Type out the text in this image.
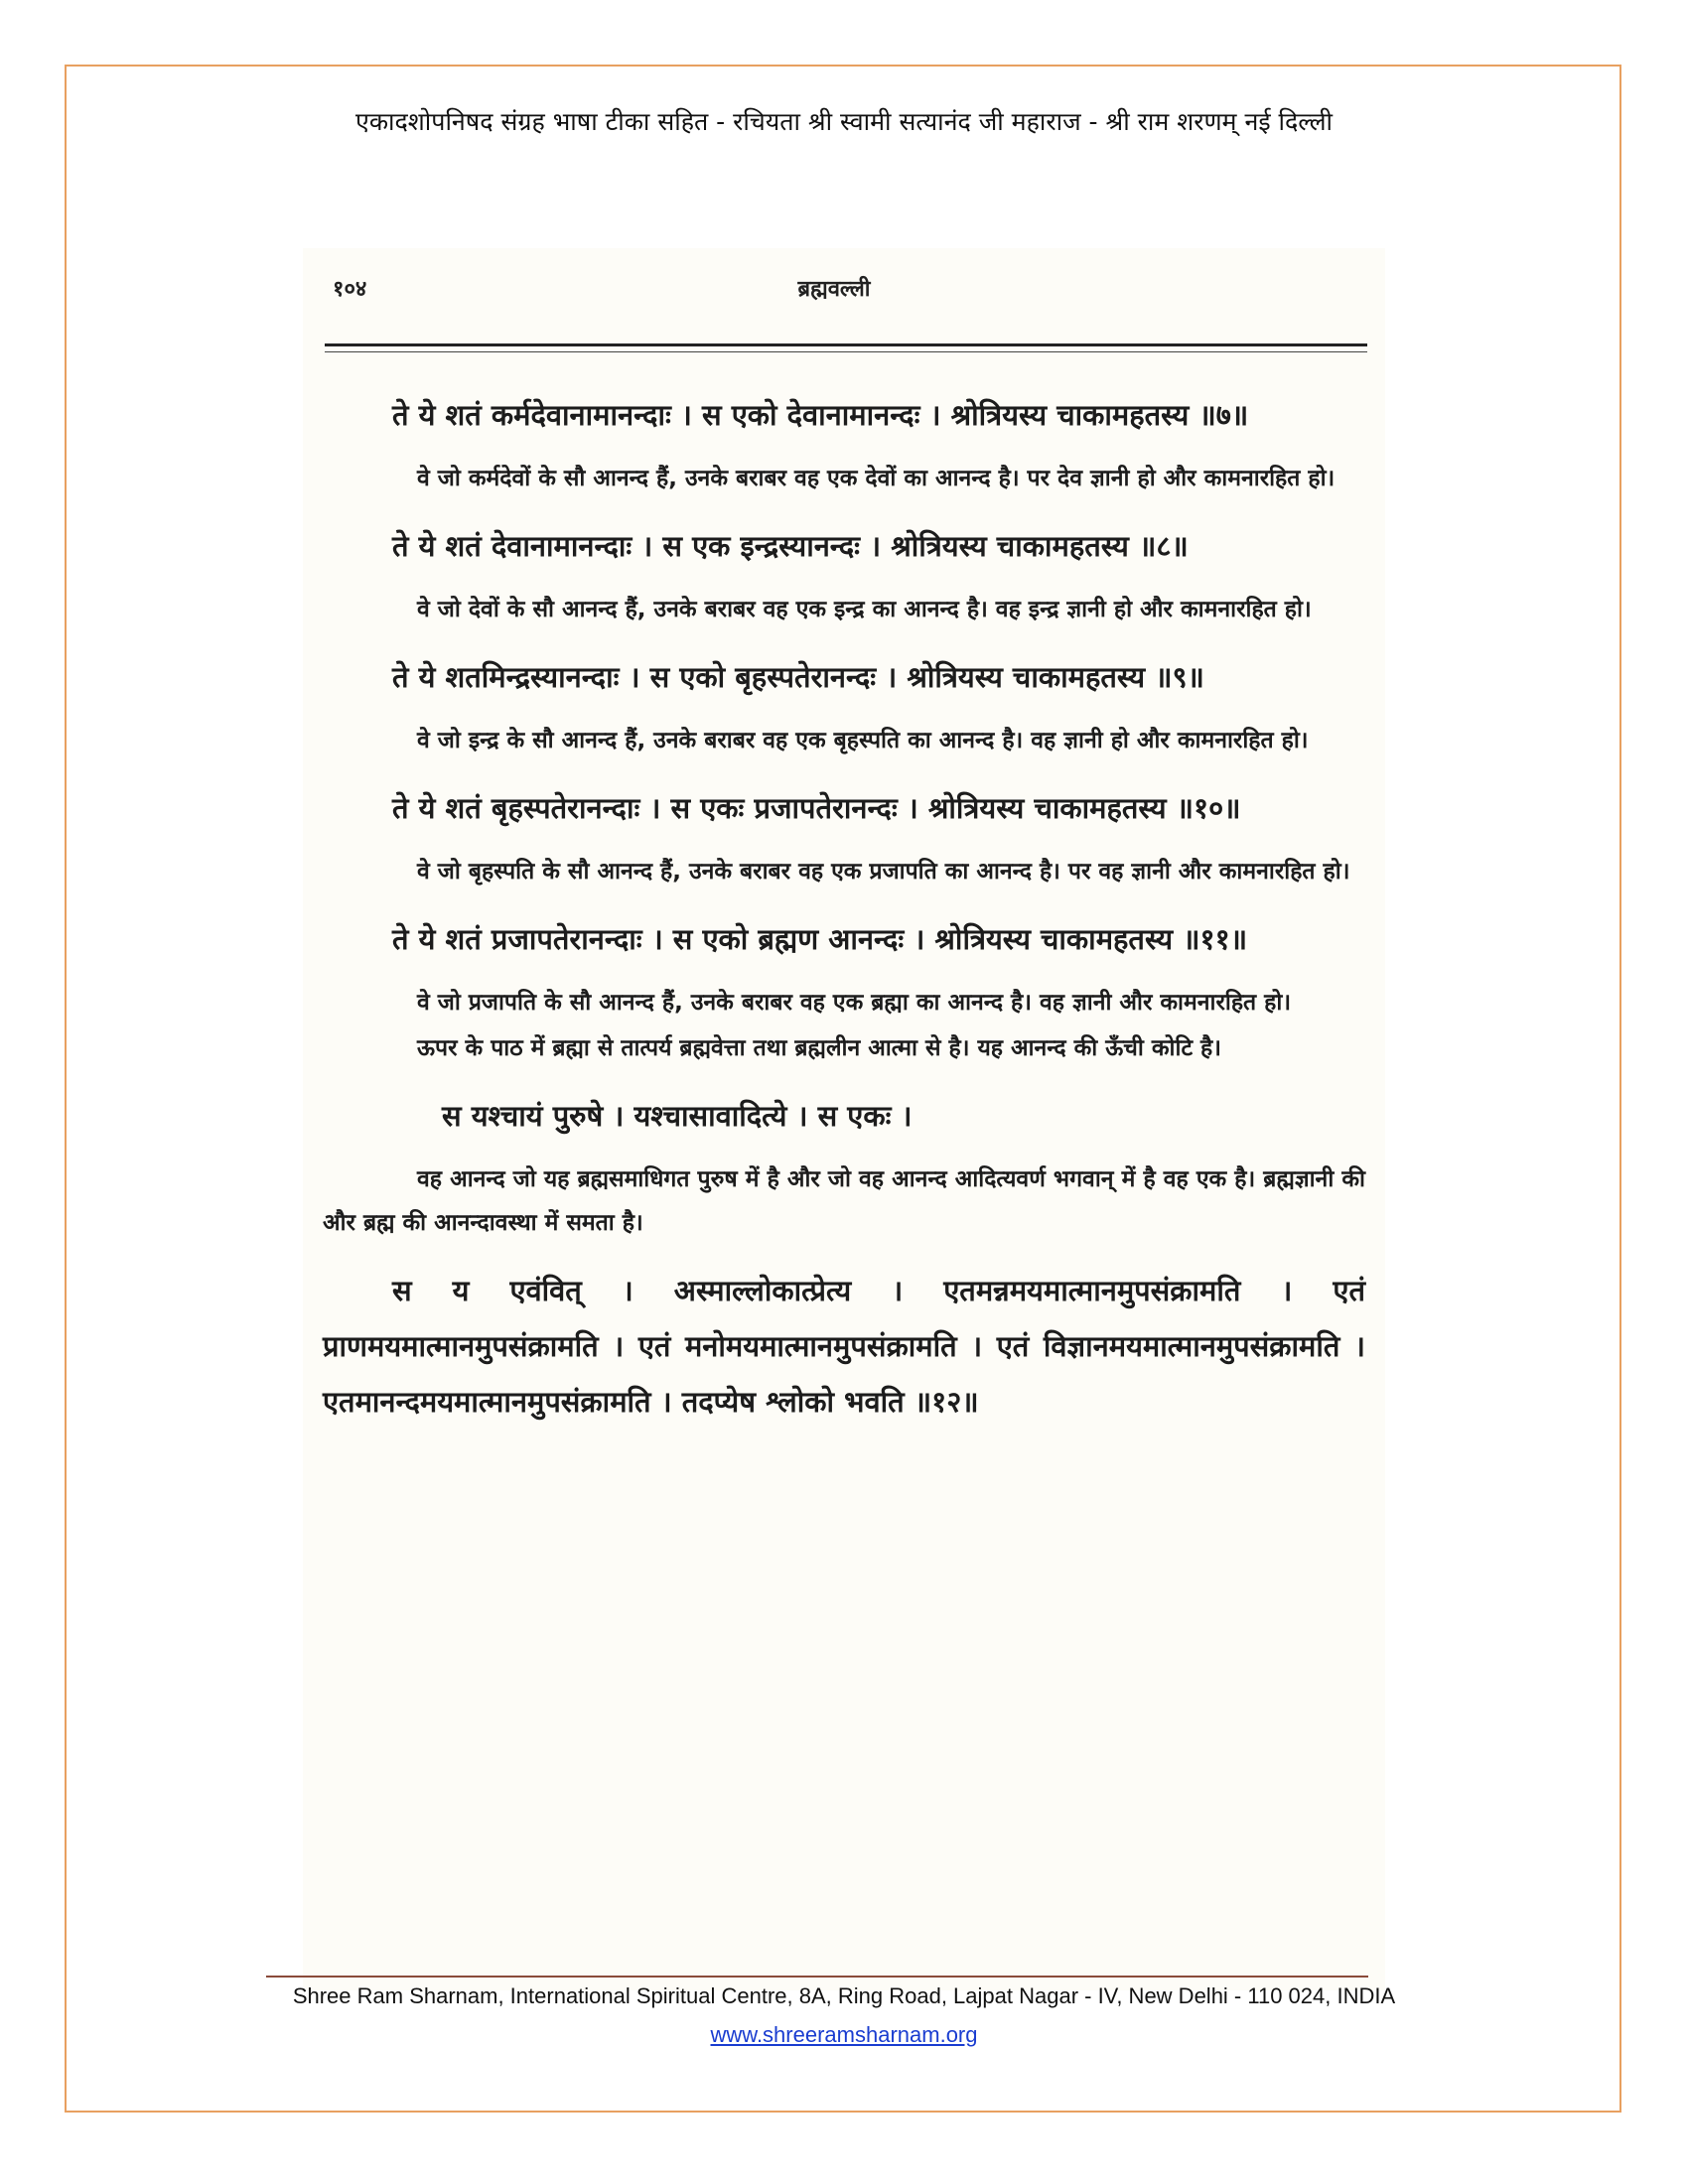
एकादशोपनिषद संग्रह भाषा टीका सहित - रचियता श्री स्वामी सत्यानंद जी महाराज - श्री राम शरणम् नई दिल्ली
१०४	ब्रह्मवल्ली

ते ये शतं कर्मदेवानामानन्दाः । स एको देवानामानन्दः । श्रोत्रियस्य चाकामहतस्य ॥७॥

वे जो कर्मदेवों के सौ आनन्द हैं, उनके बराबर वह एक देवों का आनन्द है। पर देव ज्ञानी हो और कामनारहित हो।

ते ये शतं देवानामानन्दाः । स एक इन्द्रस्यानन्दः । श्रोत्रियस्य चाकामहतस्य ॥८॥

वे जो देवों के सौ आनन्द हैं, उनके बराबर वह एक इन्द्र का आनन्द है। वह इन्द्र ज्ञानी हो और कामनारहित हो।

ते ये शतमिन्द्रस्यानन्दाः । स एको बृहस्पतेरानन्दः । श्रोत्रियस्य चाकामहतस्य ॥९॥

वे जो इन्द्र के सौ आनन्द हैं, उनके बराबर वह एक बृहस्पति का आनन्द है। वह ज्ञानी हो और कामनारहित हो।

ते ये शतं बृहस्पतेरानन्दाः । स एकः प्रजापतेरानन्दः । श्रोत्रियस्य चाकामहतस्य ॥१०॥

वे जो बृहस्पति के सौ आनन्द हैं, उनके बराबर वह एक प्रजापति का आनन्द है। पर वह ज्ञानी और कामनारहित हो।

ते ये शतं प्रजापतेरानन्दाः । स एको ब्रह्मण आनन्दः । श्रोत्रियस्य चाकामहतस्य ॥११॥

वे जो प्रजापति के सौ आनन्द हैं, उनके बराबर वह एक ब्रह्मा का आनन्द है। वह ज्ञानी और कामनारहित हो।

ऊपर के पाठ में ब्रह्मा से तात्पर्य ब्रह्मवेत्ता तथा ब्रह्मलीन आत्मा से है। यह आनन्द की ऊँची कोटि है।

स यश्चायं पुरुषे । यश्चासावादित्ये । स एकः ।

वह आनन्द जो यह ब्रह्मसमाधिगत पुरुष में है और जो वह आनन्द आदित्यवर्ण भगवान् में है वह एक है। ब्रह्मज्ञानी की और ब्रह्म की आनन्दावस्था में समता है।

स य एवंवित् । अस्माल्लोकात्प्रेत्य । एतमन्नमयमात्मानमुपसंक्रामति । एतं प्राणमयमात्मानमुपसंक्रामति । एतं मनोमयमात्मानमुपसंक्रामति । एतं विज्ञानमयमात्मानमुपसंक्रामति । एतमानन्दमयमात्मानमुपसंक्रामति । तदप्येष श्लोको भवति ॥१२॥

Shree Ram Sharnam, International Spiritual Centre, 8A, Ring Road, Lajpat Nagar - IV, New Delhi - 110 024, INDIA
www.shreeramsharnam.org
